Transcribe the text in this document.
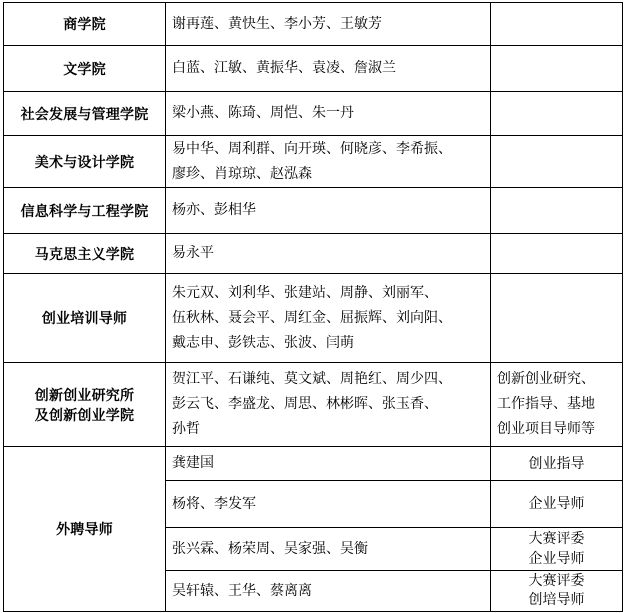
商学院	谢再莲、黄快生、李小芳、王敏芳	

文学院	白蓝、江敏、黄振华、袁凌、詹淑兰	

社会发展与管理学院	梁小燕、陈琦、周恺、朱一丹	

美术与设计学院	易中华、周利群、向开瑛、何晓彦、李希振、
廖珍、肖琼琼、赵泓森	

信息科学与工程学院	杨亦、彭相华	

马克思主义学院	易永平	

创业培训导师	朱元双、刘利华、张建站、周静、刘丽军、
伍秋林、聂会平、周红金、屈振辉、刘向阳、
戴志申、彭铁志、张波、闫萌	

创新创业研究所
及创新创业学院	贺江平、石谦纯、莫文斌、周艳红、周少四、
彭云飞、李盛龙、周思、林彬晖、张玉香、
孙哲	创新创业研究、
工作指导、基地
创业项目导师等

外聘导师	龚建国	创业指导

	杨将、李发军	企业导师

	张兴霖、杨荣周、吴家强、吴衡	大赛评委
企业导师

	吴轩辕、王华、蔡离离	大赛评委
创培导师
